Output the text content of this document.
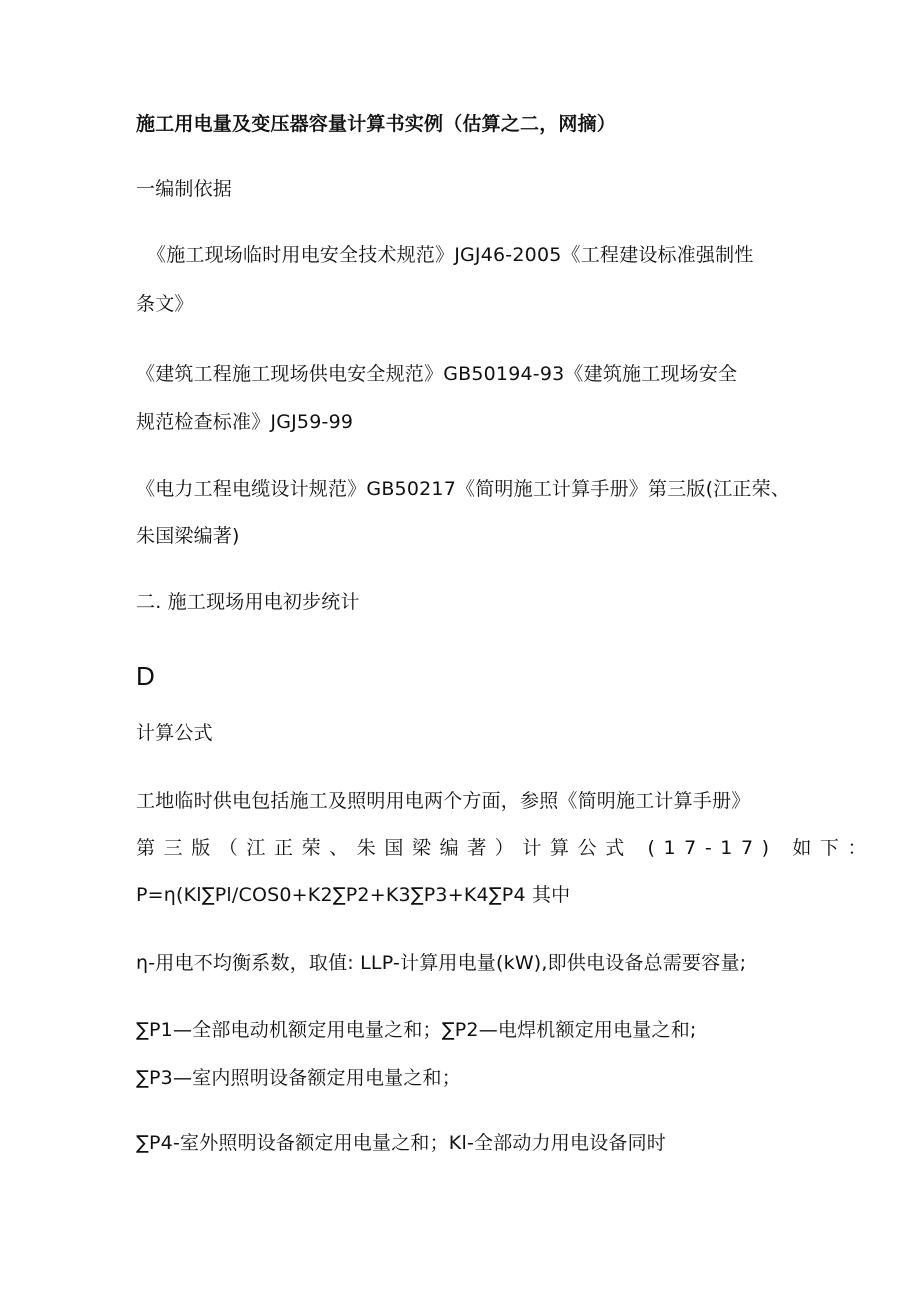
施工用电量及变压器容量计算书实例（估算之二，网摘）
一编制依据
《施工现场临时用电安全技术规范》JGJ46-2005《工程建设标准强制性
条文》
《建筑工程施工现场供电安全规范》GB50194-93《建筑施工现场安全
规范检查标准》JGJ59-99
《电力工程电缆设计规范》GB50217《简明施工计算手册》第三版(江正荣、
朱国梁编著)
二. 施工现场用电初步统计
D
计算公式
工地临时供电包括施工及照明用电两个方面，参照《简明施工计算手册》
第三版（江正荣、朱国梁编著）计算公式 (17-17) 如下：
P=η(Kl∑Pl/COS0+K2∑P2+K3∑P3+K4∑P4 其中
η-用电不均衡系数，取值: LLP-计算用电量(kW),即供电设备总需要容量;
∑P1—全部电动机额定用电量之和；∑P2—电焊机额定用电量之和;
∑P3—室内照明设备额定用电量之和；
∑P4-室外照明设备额定用电量之和；Kl-全部动力用电设备同时
